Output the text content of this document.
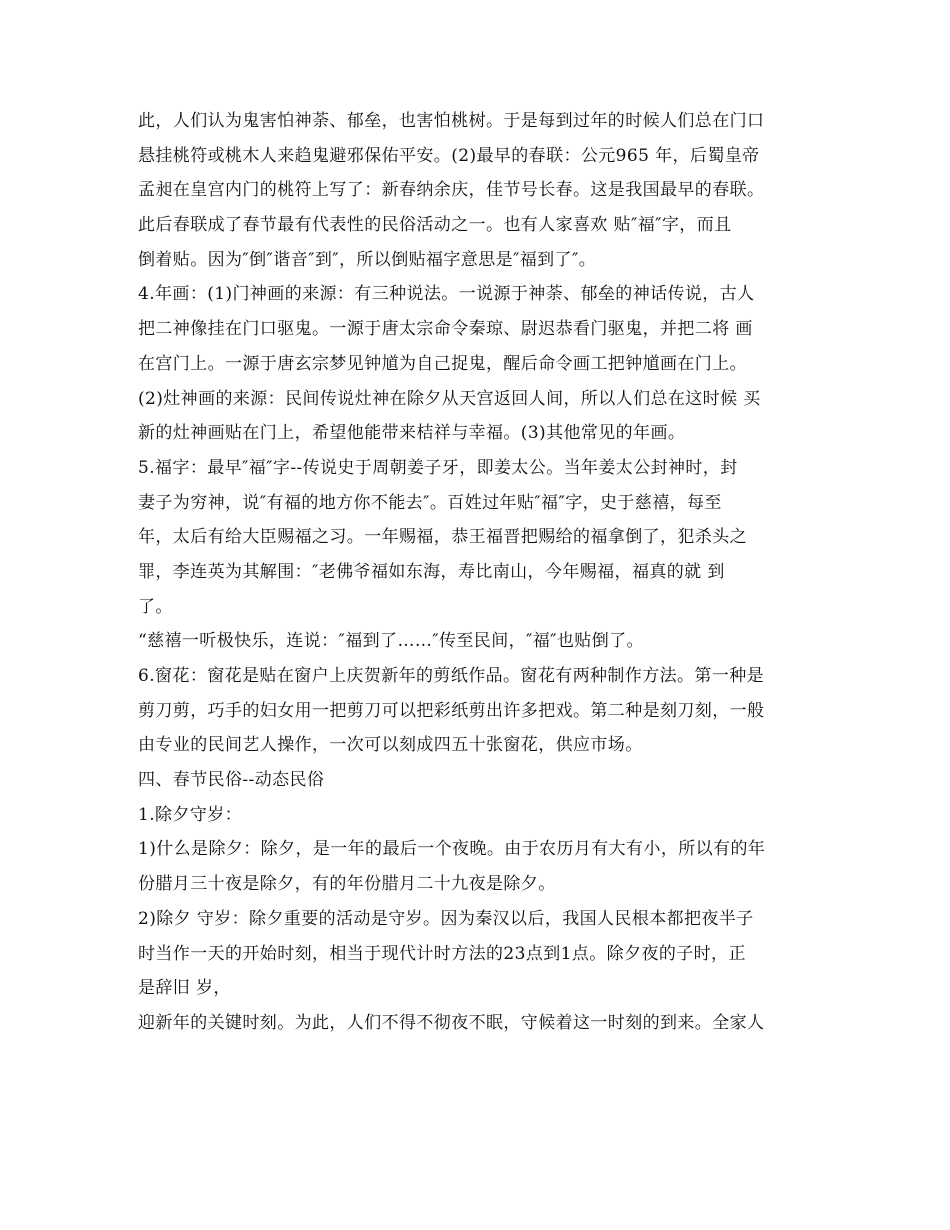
此，人们认为鬼害怕神荼、郁垒，也害怕桃树。于是每到过年的时候人们总在门口
悬挂桃符或桃木人来趋鬼避邪保佑平安。(2)最早的春联：公元965 年，后蜀皇帝
孟昶在皇宫内门的桃符上写了：新春纳余庆，佳节号长春。这是我国最早的春联。
此后春联成了春节最有代表性的民俗活动之一。也有人家喜欢 贴″福″字，而且
倒着贴。因为″倒″谐音″到″，所以倒贴福字意思是″福到了″。
4.年画：(1)门神画的来源：有三种说法。一说源于神荼、郁垒的神话传说，古人
把二神像挂在门口驱鬼。一源于唐太宗命令秦琼、尉迟恭看门驱鬼，并把二将 画
在宫门上。一源于唐玄宗梦见钟馗为自己捉鬼，醒后命令画工把钟馗画在门上。
(2)灶神画的来源：民间传说灶神在除夕从天宫返回人间，所以人们总在这时候 买
新的灶神画贴在门上，希望他能带来桔祥与幸福。(3)其他常见的年画。
5.福字：最早″福″字--传说史于周朝姜子牙，即姜太公。当年姜太公封神时，封
妻子为穷神，说″有福的地方你不能去″。百姓过年贴″福″字，史于慈禧，每至
年，太后有给大臣赐福之习。一年赐福，恭王福晋把赐给的福拿倒了，犯杀头之
罪，李连英为其解围：″老佛爷福如东海，寿比南山，今年赐福，福真的就 到
了。
“慈禧一听极快乐，连说：″福到了……″传至民间，″福″也贴倒了。
6.窗花：窗花是贴在窗户上庆贺新年的剪纸作品。窗花有两种制作方法。第一种是
剪刀剪，巧手的妇女用一把剪刀可以把彩纸剪出许多把戏。第二种是刻刀刻，一般
由专业的民间艺人操作，一次可以刻成四五十张窗花，供应市场。
四、春节民俗--动态民俗
1.除夕守岁：
1)什么是除夕：除夕，是一年的最后一个夜晚。由于农历月有大有小，所以有的年
份腊月三十夜是除夕，有的年份腊月二十九夜是除夕。
2)除夕 守岁：除夕重要的活动是守岁。因为秦汉以后，我国人民根本都把夜半子
时当作一天的开始时刻，相当于现代计时方法的23点到1点。除夕夜的子时，正
是辞旧 岁，
迎新年的关键时刻。为此，人们不得不彻夜不眠，守候着这一时刻的到来。全家人
